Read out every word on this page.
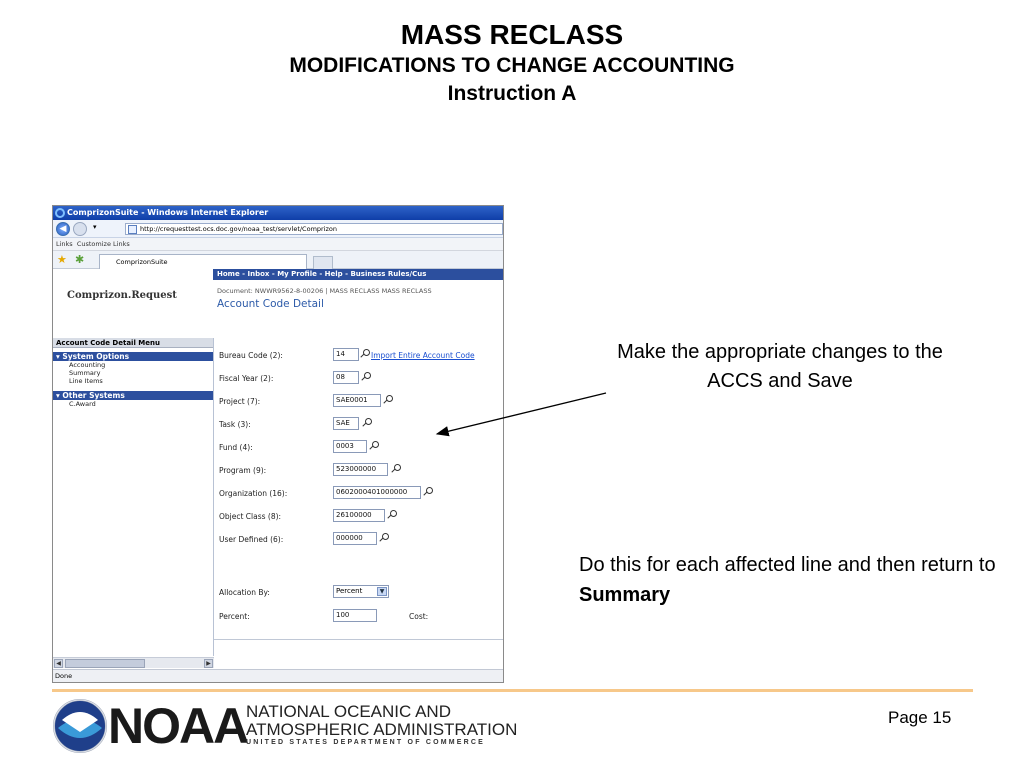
MASS RECLASS
MODIFICATIONS TO CHANGE ACCOUNTING
Instruction A
ComprizonSuite - Windows Internet Explorer
◀	▾	http://crequesttest.ocs.doc.gov/noaa_test/servlet/Comprizon
Links Customize Links
★ ✱	ComprizonSuite
Home - Inbox - My Profile - Help - Business Rules/Cus
Comprizon.Request	Document: NWWR9562-8-00206 | MASS RECLASS MASS RECLASS
Account Code Detail
Account Code Detail Menu
▾ System Options
Accounting
Summary
Line Items
▾ Other Systems
C.Award
Bureau Code (2):	14	Import Entire Account Code
Fiscal Year (2):	08
Project (7):	SAE0001
Task (3):	SAE
Fund (4):	0003
Program (9):	523000000
Organization (16):	0602000401000000
Object Class (8):	26100000
User Defined (6):	000000
Allocation By:	Percent	▼
Percent:	100	Cost:
◀	▶
Done
Make the appropriate changes to the ACCS and Save
Do this for each affected line and then return to Summary
NOAA
NATIONAL OCEANIC AND
ATMOSPHERIC ADMINISTRATION
UNITED STATES DEPARTMENT OF COMMERCE
Page 15
